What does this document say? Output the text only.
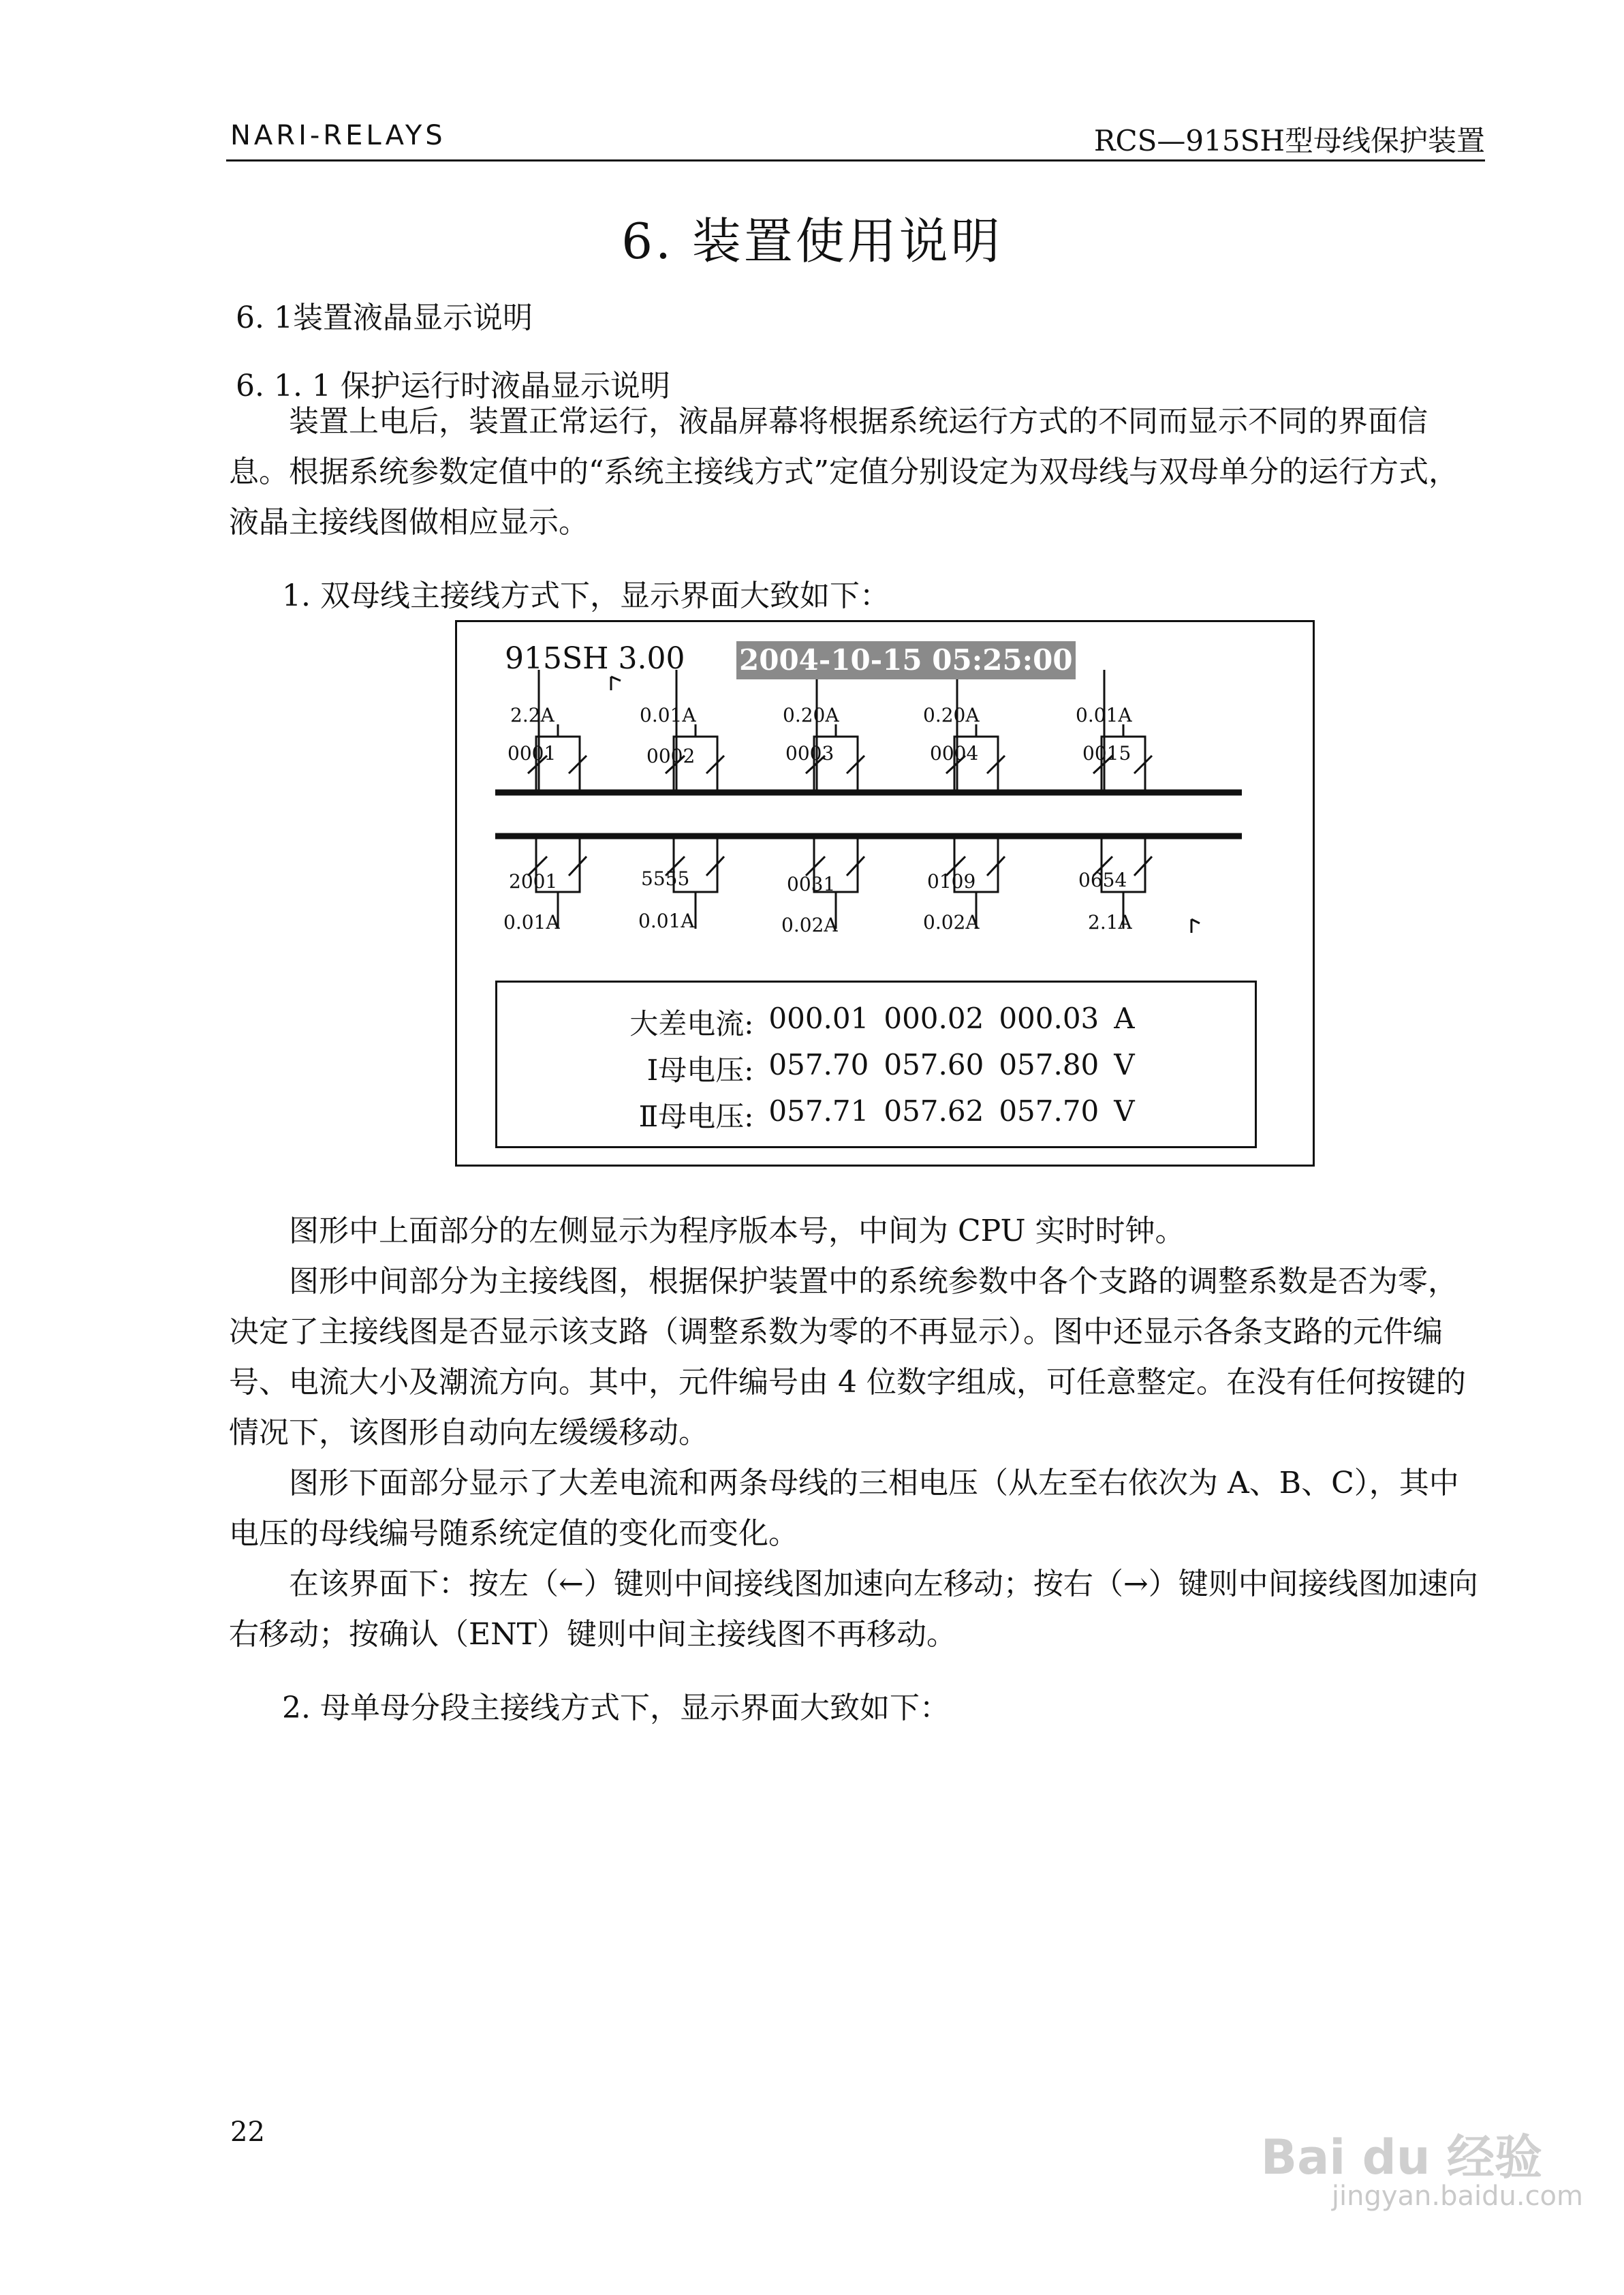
NARI-RELAYS	RCS—915SH型母线保护装置
6. 装置使用说明
6. 1装置液晶显示说明
6. 1. 1 保护运行时液晶显示说明
装置上电后，装置正常运行，液晶屏幕将根据系统运行方式的不同而显示不同的界面信息。根据系统参数定值中的“系统主接线方式”定值分别设定为双母线与双母单分的运行方式，液晶主接线图做相应显示。
1. 双母线主接线方式下，显示界面大致如下：
915SH 3.00 2004-10-15 05:25:00
2.2A
0001
0.01A
0002
0.20A
0003
0.20A
0004
0.01A
0015
2001
0.01A
5555
0.01A
0031
0.02A
0109
0.02A
0654
2.1A
大差电流: 000.01 000.02 000.03 A
Ⅰ母电压: 057.70 057.60 057.80 V
Ⅱ母电压: 057.71 057.62 057.70 V
图形中上面部分的左侧显示为程序版本号，中间为 CPU 实时时钟。
图形中间部分为主接线图，根据保护装置中的系统参数中各个支路的调整系数是否为零，决定了主接线图是否显示该支路（调整系数为零的不再显示）。图中还显示各条支路的元件编号、电流大小及潮流方向。其中，元件编号由 4 位数字组成，可任意整定。在没有任何按键的情况下，该图形自动向左缓缓移动。
图形下面部分显示了大差电流和两条母线的三相电压（从左至右依次为 A、B、C），其中电压的母线编号随系统定值的变化而变化。
在该界面下：按左（←）键则中间接线图加速向左移动；按右（→）键则中间接线图加速向右移动；按确认（ENT）键则中间主接线图不再移动。
2. 母单母分段主接线方式下，显示界面大致如下：
22	Bai du 经验
jingyan.baidu.com
